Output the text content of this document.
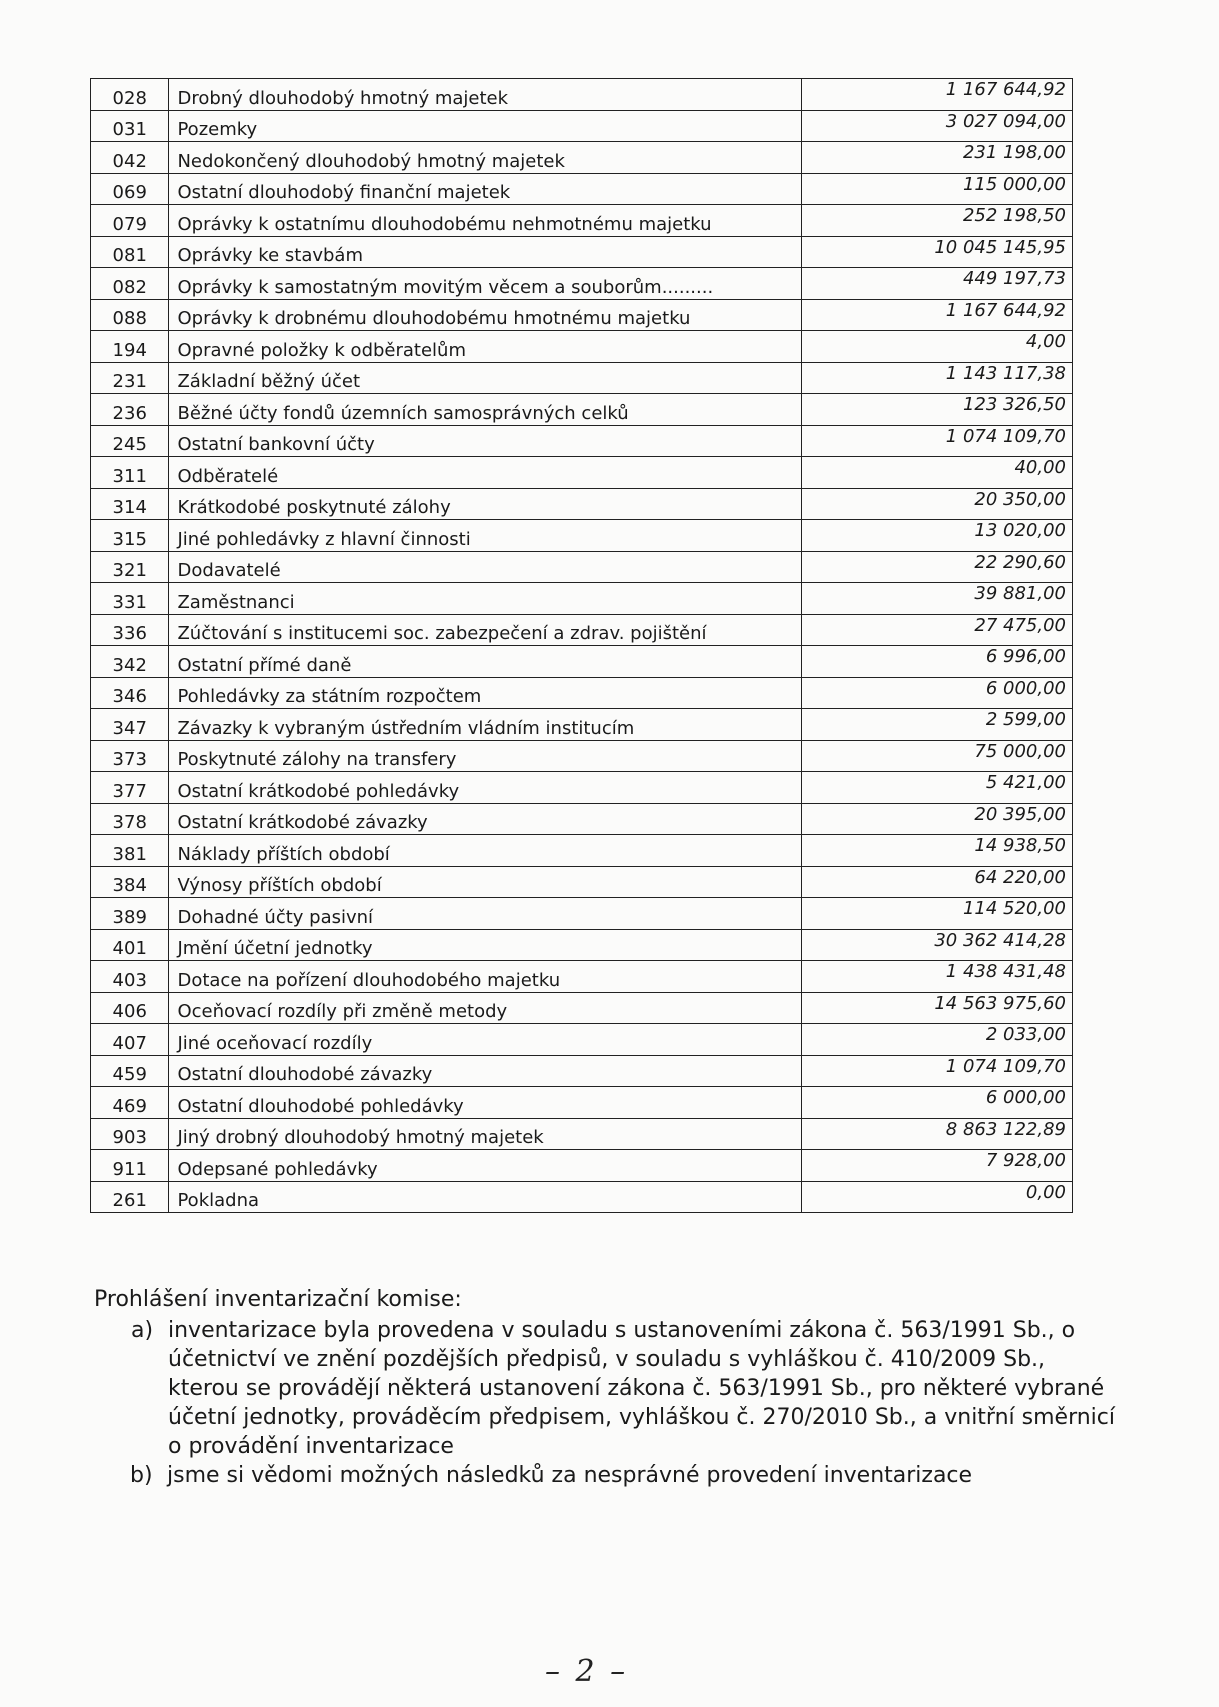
028	Drobný dlouhodobý hmotný majetek	1 167 644,92
031	Pozemky	3 027 094,00
042	Nedokončený dlouhodobý hmotný majetek	231 198,00
069	Ostatní dlouhodobý finanční majetek	115 000,00
079	Oprávky k ostatnímu dlouhodobému nehmotnému majetku	252 198,50
081	Oprávky ke stavbám	10 045 145,95
082	Oprávky k samostatným movitým věcem a souborům.........	449 197,73
088	Oprávky k drobnému dlouhodobému hmotnému majetku	1 167 644,92
194	Opravné položky k odběratelům	4,00
231	Základní běžný účet	1 143 117,38
236	Běžné účty fondů územních samosprávných celků	123 326,50
245	Ostatní bankovní účty	1 074 109,70
311	Odběratelé	40,00
314	Krátkodobé poskytnuté zálohy	20 350,00
315	Jiné pohledávky z hlavní činnosti	13 020,00
321	Dodavatelé	22 290,60
331	Zaměstnanci	39 881,00
336	Zúčtování s institucemi soc. zabezpečení a zdrav. pojištění	27 475,00
342	Ostatní přímé daně	6 996,00
346	Pohledávky za státním rozpočtem	6 000,00
347	Závazky k vybraným ústředním vládním institucím	2 599,00
373	Poskytnuté zálohy na transfery	75 000,00
377	Ostatní krátkodobé pohledávky	5 421,00
378	Ostatní krátkodobé závazky	20 395,00
381	Náklady příštích období	14 938,50
384	Výnosy příštích období	64 220,00
389	Dohadné účty pasivní	114 520,00
401	Jmění účetní jednotky	30 362 414,28
403	Dotace na pořízení dlouhodobého majetku	1 438 431,48
406	Oceňovací rozdíly při změně metody	14 563 975,60
407	Jiné oceňovací rozdíly	2 033,00
459	Ostatní dlouhodobé závazky	1 074 109,70
469	Ostatní dlouhodobé pohledávky	6 000,00
903	Jiný drobný dlouhodobý hmotný majetek	8 863 122,89
911	Odepsané pohledávky	7 928,00
261	Pokladna	0,00

Prohlášení inventarizační komise:

a) inventarizace byla provedena v souladu s ustanoveními zákona č. 563/1991 Sb., o
účetnictví ve znění pozdějších předpisů, v souladu s vyhláškou č. 410/2009 Sb.,
kterou se provádějí některá ustanovení zákona č. 563/1991 Sb., pro některé vybrané
účetní jednotky, prováděcím předpisem, vyhláškou č. 270/2010 Sb., a vnitřní směrnicí
o provádění inventarizace
b) jsme si vědomi možných následků za nesprávné provedení inventarizace
– 2 –
